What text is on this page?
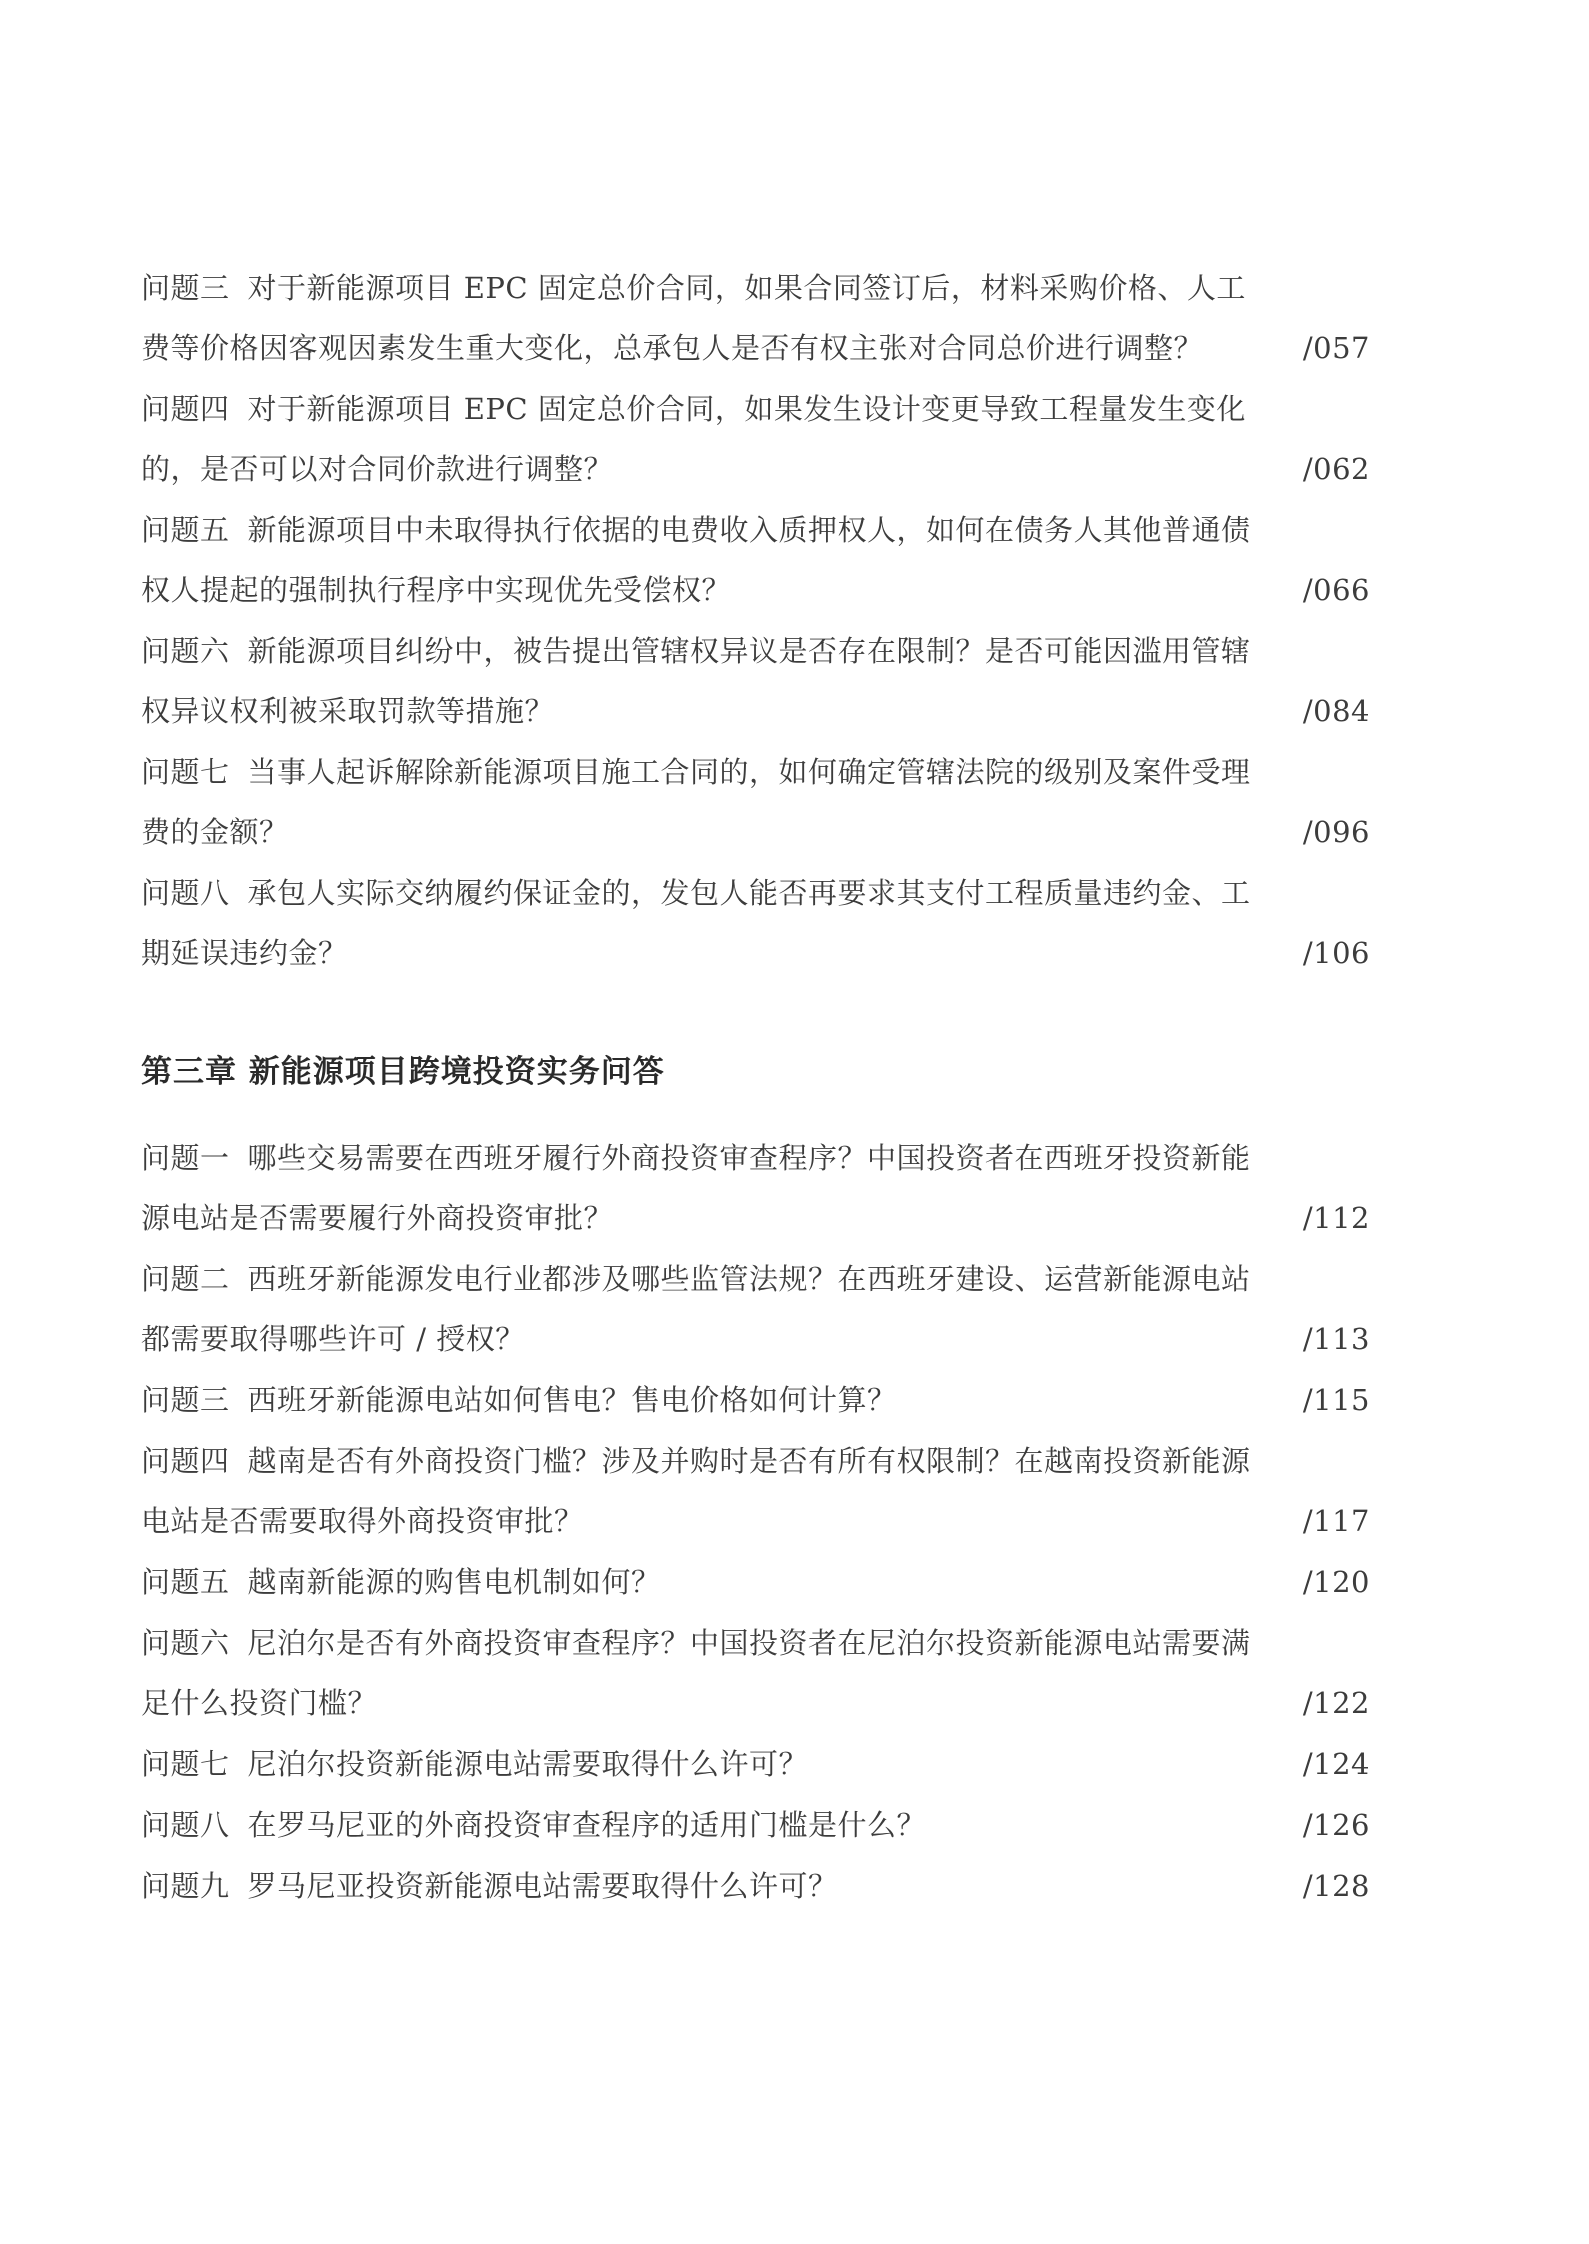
问题三 对于新能源项目 EPC 固定总价合同，如果合同签订后，材料采购价格、人工费等价格因客观因素发生重大变化，总承包人是否有权主张对合同总价进行调整？	/057
问题四 对于新能源项目 EPC 固定总价合同，如果发生设计变更导致工程量发生变化的，是否可以对合同价款进行调整？	/062
问题五 新能源项目中未取得执行依据的电费收入质押权人，如何在债务人其他普通债权人提起的强制执行程序中实现优先受偿权？	/066
问题六 新能源项目纠纷中，被告提出管辖权异议是否存在限制？是否可能因滥用管辖权异议权利被采取罚款等措施？	/084
问题七 当事人起诉解除新能源项目施工合同的，如何确定管辖法院的级别及案件受理费的金额？	/096
问题八 承包人实际交纳履约保证金的，发包人能否再要求其支付工程质量违约金、工期延误违约金？	/106
第三章 新能源项目跨境投资实务问答
问题一 哪些交易需要在西班牙履行外商投资审查程序？中国投资者在西班牙投资新能源电站是否需要履行外商投资审批？	/112
问题二 西班牙新能源发电行业都涉及哪些监管法规？在西班牙建设、运营新能源电站都需要取得哪些许可 / 授权？	/113
问题三 西班牙新能源电站如何售电？售电价格如何计算？	/115
问题四 越南是否有外商投资门槛？涉及并购时是否有所有权限制？在越南投资新能源电站是否需要取得外商投资审批？	/117
问题五 越南新能源的购售电机制如何？	/120
问题六 尼泊尔是否有外商投资审查程序？中国投资者在尼泊尔投资新能源电站需要满足什么投资门槛？	/122
问题七 尼泊尔投资新能源电站需要取得什么许可？	/124
问题八 在罗马尼亚的外商投资审查程序的适用门槛是什么？	/126
问题九 罗马尼亚投资新能源电站需要取得什么许可？	/128
